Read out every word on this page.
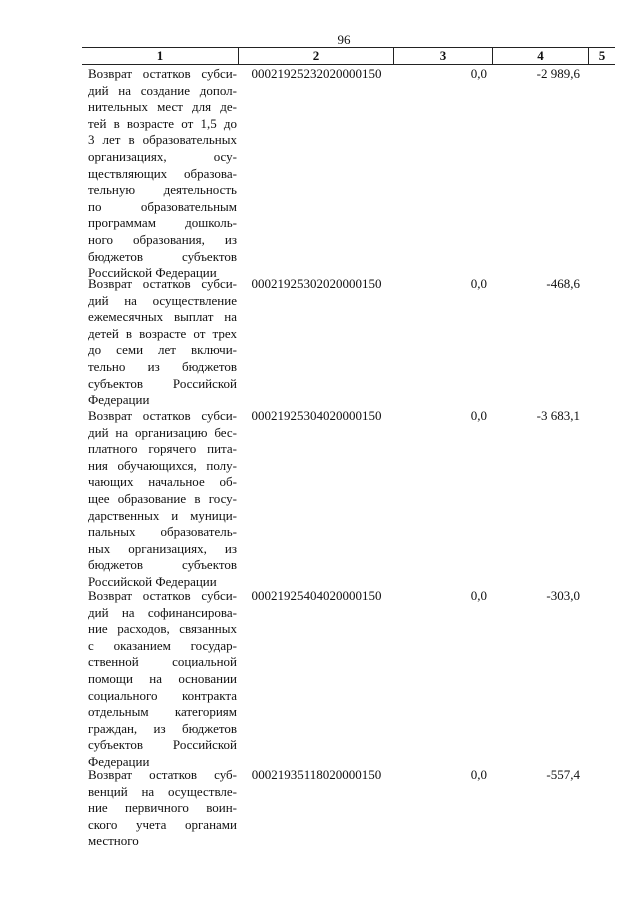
96
1	2	3	4	5
Возврат остатков субси-
дий на создание допол-
нительных мест для де-
тей в возрасте от 1,5 до
3 лет в образовательных
организациях, осу-
ществляющих образова-
тельную деятельность
по образовательным
программам дошколь-
ного образования, из
бюджетов субъектов
Российской Федерации
00021925232020000150	0,0	-2 989,6
Возврат остатков субси-
дий на осуществление
ежемесячных выплат на
детей в возрасте от трех
до семи лет включи-
тельно из бюджетов
субъектов Российской
Федерации
00021925302020000150	0,0	-468,6
Возврат остатков субси-
дий на организацию бес-
платного горячего пита-
ния обучающихся, полу-
чающих начальное об-
щее образование в госу-
дарственных и муници-
пальных образователь-
ных организациях, из
бюджетов субъектов
Российской Федерации
00021925304020000150	0,0	-3 683,1
Возврат остатков субси-
дий на софинансирова-
ние расходов, связанных
с оказанием государ-
ственной социальной
помощи на основании
социального контракта
отдельным категориям
граждан, из бюджетов
субъектов Российской
Федерации
00021925404020000150	0,0	-303,0
Возврат остатков суб-
венций на осуществле-
ние первичного воин-
ского учета органами
местного
00021935118020000150	0,0	-557,4
